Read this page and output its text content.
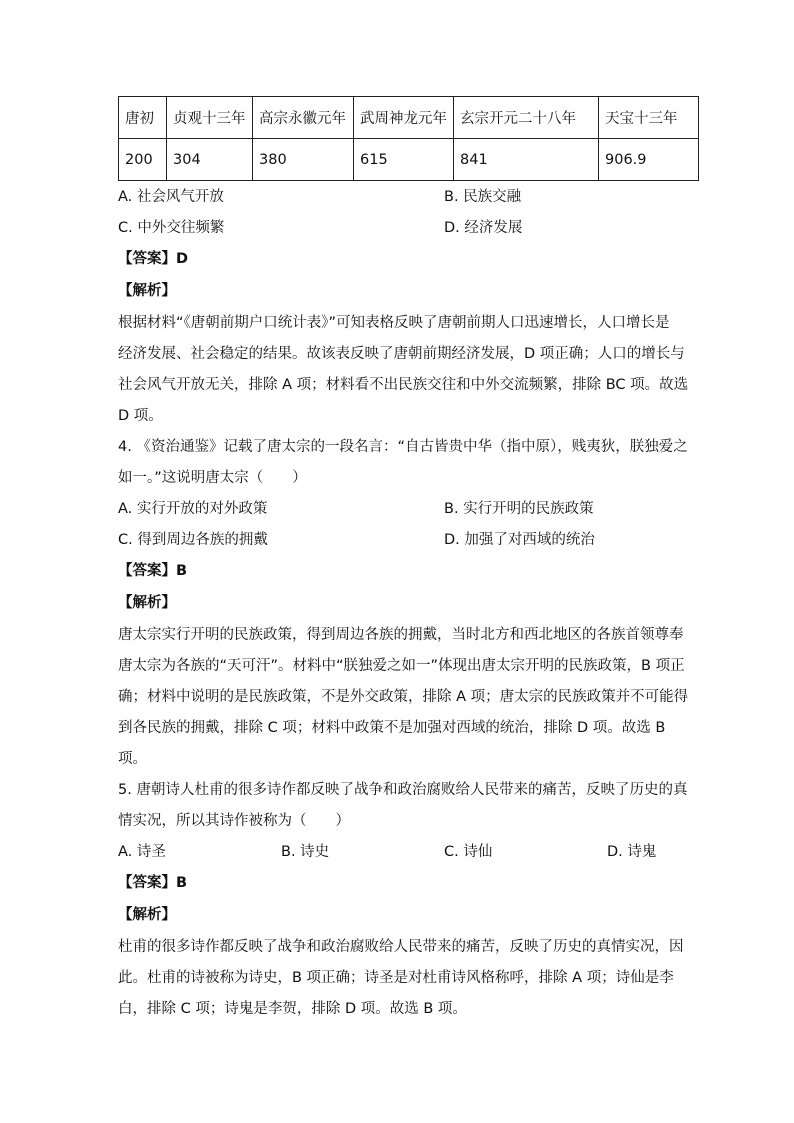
唐初	贞观十三年	高宗永徽元年	武周神龙元年	玄宗开元二十八年	天宝十三年
200	304	380	615	841	906.9
A. 社会风气开放	B. 民族交融
C. 中外交往频繁	D. 经济发展
【答案】D
【解析】
根据材料“《唐朝前期户口统计表》”可知表格反映了唐朝前期人口迅速增长，人口增长是
经济发展、社会稳定的结果。故该表反映了唐朝前期经济发展，D 项正确；人口的增长与
社会风气开放无关，排除 A 项；材料看不出民族交往和中外交流频繁，排除 BC 项。故选
D 项。
4. 《资治通鉴》记载了唐太宗的一段名言：“自古皆贵中华（指中原），贱夷狄，朕独爱之
如一。”这说明唐太宗（　　）
A. 实行开放的对外政策	B. 实行开明的民族政策
C. 得到周边各族的拥戴	D. 加强了对西域的统治
【答案】B
【解析】
唐太宗实行开明的民族政策，得到周边各族的拥戴，当时北方和西北地区的各族首领尊奉
唐太宗为各族的“天可汗”。材料中“朕独爱之如一”体现出唐太宗开明的民族政策，B 项正
确；材料中说明的是民族政策，不是外交政策，排除 A 项；唐太宗的民族政策并不可能得
到各民族的拥戴，排除 C 项；材料中政策不是加强对西域的统治，排除 D 项。故选 B
项。
5. 唐朝诗人杜甫的很多诗作都反映了战争和政治腐败给人民带来的痛苦，反映了历史的真
情实况，所以其诗作被称为（　　）
A. 诗圣	B. 诗史	C. 诗仙	D. 诗鬼
【答案】B
【解析】
杜甫的很多诗作都反映了战争和政治腐败给人民带来的痛苦，反映了历史的真情实况，因
此。杜甫的诗被称为诗史，B 项正确；诗圣是对杜甫诗风格称呼，排除 A 项；诗仙是李
白，排除 C 项；诗鬼是李贺，排除 D 项。故选 B 项。
